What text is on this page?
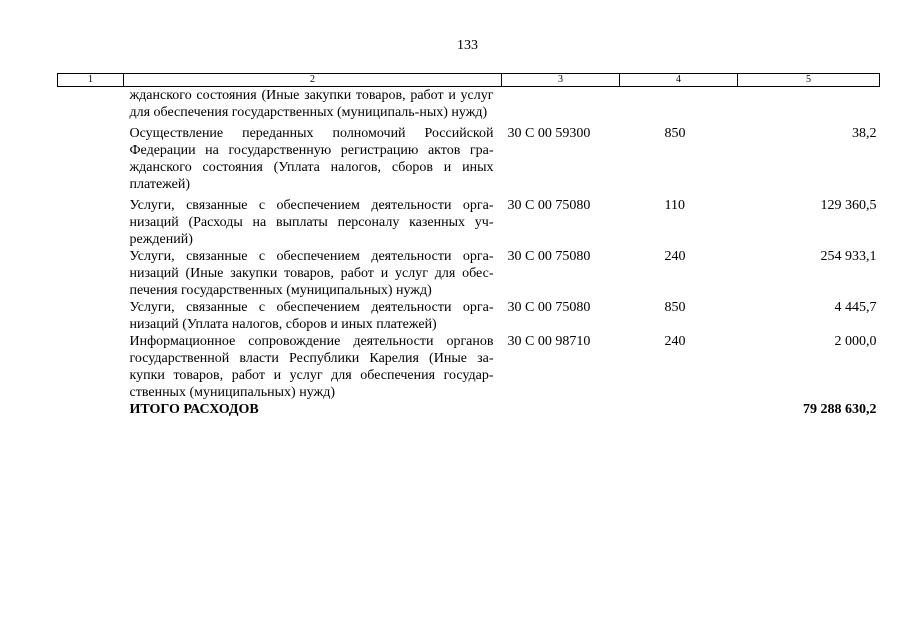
133
1	2	3	4	5
	жданского состояния (Иные закупки товаров, работ и услуг для обеспечения государственных (муниципаль-ных) нужд)			
	Осуществление переданных полномочий Российской Федерации на государственную регистрацию актов гра-жданского состояния (Уплата налогов, сборов и иных платежей)	30 С 00 59300	850	38,2
	Услуги, связанные с обеспечением деятельности орга-низаций (Расходы на выплаты персоналу казенных уч-реждений)	30 С 00 75080	110	129 360,5
	Услуги, связанные с обеспечением деятельности орга-низаций (Иные закупки товаров, работ и услуг для обес-печения государственных (муниципальных) нужд)	30 С 00 75080	240	254 933,1
	Услуги, связанные с обеспечением деятельности орга-низаций (Уплата налогов, сборов и иных платежей)	30 С 00 75080	850	4 445,7
	Информационное сопровождение деятельности органов государственной власти Республики Карелия (Иные за-купки товаров, работ и услуг для обеспечения государ-ственных (муниципальных) нужд)	30 С 00 98710	240	2 000,0
	ИТОГО РАСХОДОВ			79 288 630,2
